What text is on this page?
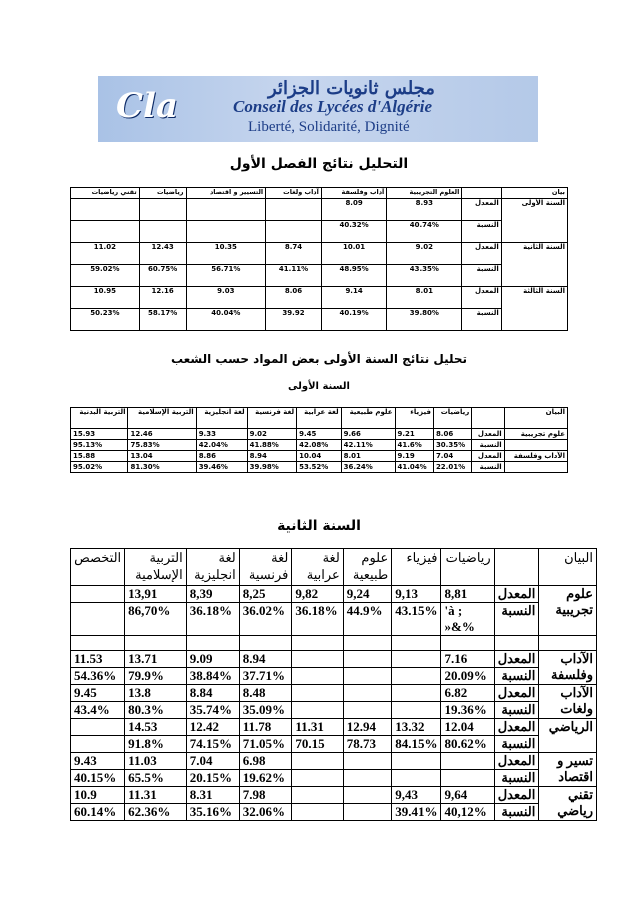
Cla	مجلس ثانويات الجزائر
Conseil des Lycées d'Algérie
Liberté, Solidarité, Dignité
التحليل نتائج الفصل الأول
بيان		العلوم التجريبية	آداب وفلسفة	آداب ولغات	التسيير و اقتصاد	رياضيات	تقني رياضيات
السنة الأولى	المعدل	8.93	8.09				
	النسبة	40.74%	40.32%				
السنة الثانية	المعدل	9.02	10.01	8.74	10.35	12.43	11.02
	النسبة	43.35%	48.95%	41.11%	56.71%	60.75%	59.02%
السنة الثالثة	المعدل	8.01	9.14	8.06	9.03	12.16	10.95
	النسبة	39.80%	40.19%	39.92	40.04%	58.17%	50.23%
تحليل نتائج السنة الأولى بعض المواد حسب الشعب
السنة الأولى
البيان		رياضيات	فيزياء	علوم طبيعية	لغة عرابية	لغة فرنسية	لغة انجليزية	التربية الإسلامية	التربية البدنية
علوم تجريبية	المعدل	8.06	9.21	9.66	9.45	9.02	9.33	12.46	15.93
	النسبة	30.35%	41.6%	42.11%	42.08%	41.88%	42.04%	75.83%	95.13%
الآداب وفلسفة	المعدل	7.04	9.19	8.01	10.04	8.94	8.86	13.04	15.88
	النسبة	22.01%	41.04%	36.24%	53.52%	39.98%	39.46%	81.30%	95.02%
السنة الثانية
البيان		رياضيات	فيزياء	علوم طبيعية	لغة عرابية	لغة فرنسية	لغة انجليزية	التربية الإسلامية	التخصص
علوم تجريبية	المعدل	8,81	9,13	9,24	9,82	8,25	8,39	13,91	
	النسبة	'à ; »&%	43.15%	44.9%	36.18%	36.02%	36.18%	86,70%	

الآداب وفلسفة	المعدل	7.16				8.94	9.09	13.71	11.53
	النسبة	20.09%				37.71%	38.84%	79.9%	54.36%
الآداب ولغات	المعدل	6.82				8.48	8.84	13.8	9.45
	النسبة	19.36%				35.09%	35.74%	80.3%	43.4%
الرياضي	المعدل	12.04	13.32	12.94	11.31	11.78	12.42	14.53	
	النسبة	80.62%	84.15%	78.73	70.15	71.05%	74.15%	91.8%	
تسير و اقتصاد	المعدل					6.98	7.04	11.03	9.43
	النسبة					19.62%	20.15%	65.5%	40.15%
تقني رياضي	المعدل	9,64	9,43			7.98	8.31	11.31	10.9
	النسبة	40,12%	39.41%			32.06%	35.16%	62.36%	60.14%
